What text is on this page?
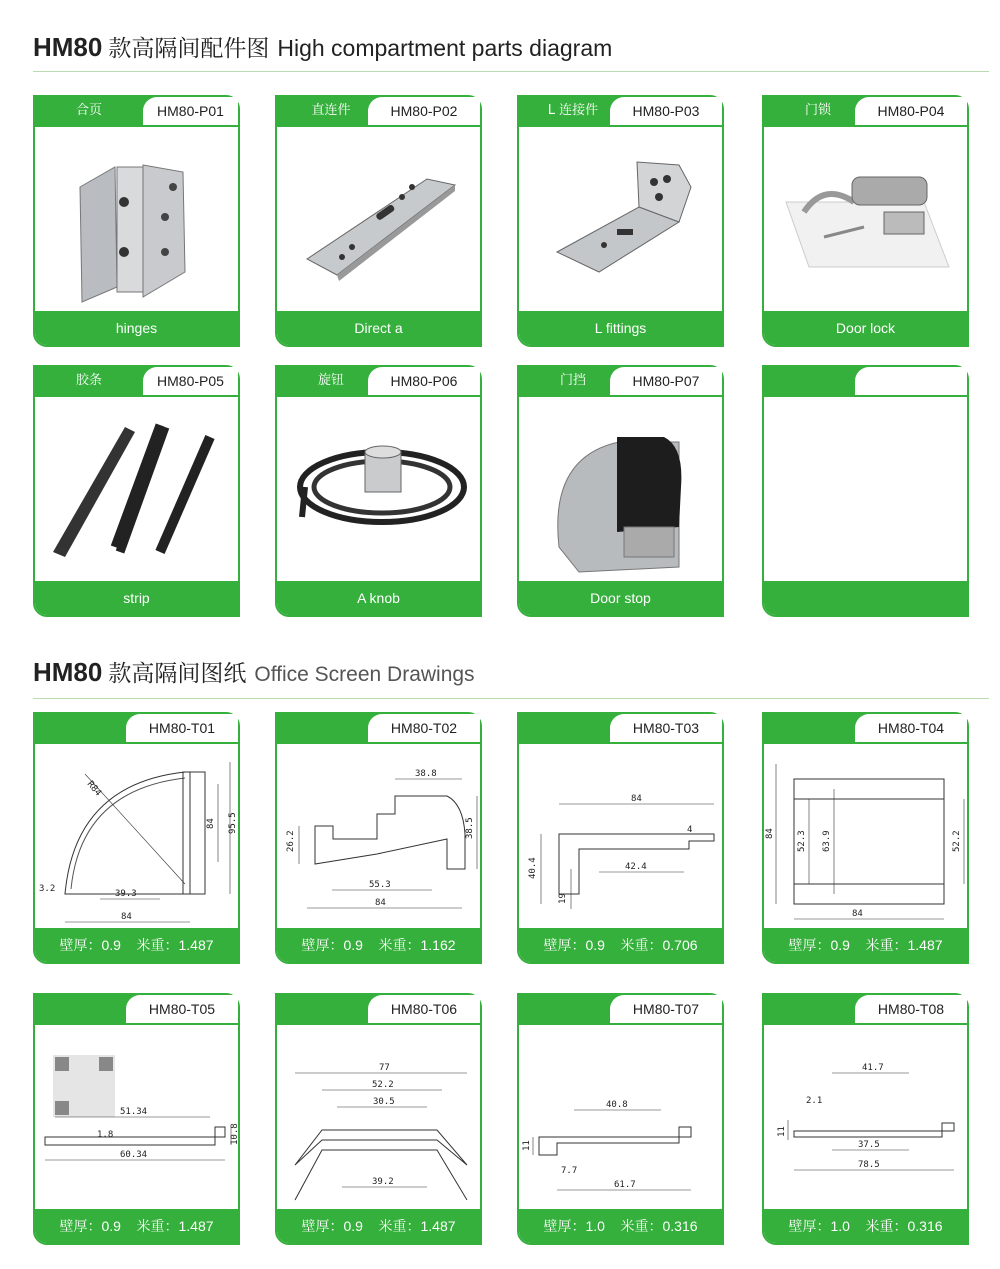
HM80 款高隔间配件图 High compartment parts diagram
合页	HM80-P01
hinges
直连件	HM80-P02
Direct a
L 连接件	HM80-P03
L fittings
门锁	HM80-P04
Door lock
胶条	HM80-P05
strip
旋钮	HM80-P06
A knob
门挡	HM80-P07
Door stop
HM80 款高隔间图纸 Office Screen Drawings
HM80-T01
R84
95.5
84
84
39.3
3.2
壁厚：0.9 米重：1.487
HM80-T02
38.8
38.5
26.2
55.3
84
壁厚：0.9 米重：1.162
HM80-T03
84
4
42.4
40.4
19
壁厚：0.9 米重：0.706
HM80-T04
84 52.3 63.9	52.2
84
壁厚：0.9 米重：1.487
HM80-T05
51.34
1.8	10.8
60.34
壁厚：0.9 米重：1.487
HM80-T06
77
52.2
30.5
39.2
壁厚：0.9 米重：1.487
HM80-T07
40.8
11
7.7
61.7
壁厚：1.0 米重：0.316
HM80-T08
41.7
2.1
11
37.5
78.5
壁厚：1.0 米重：0.316
